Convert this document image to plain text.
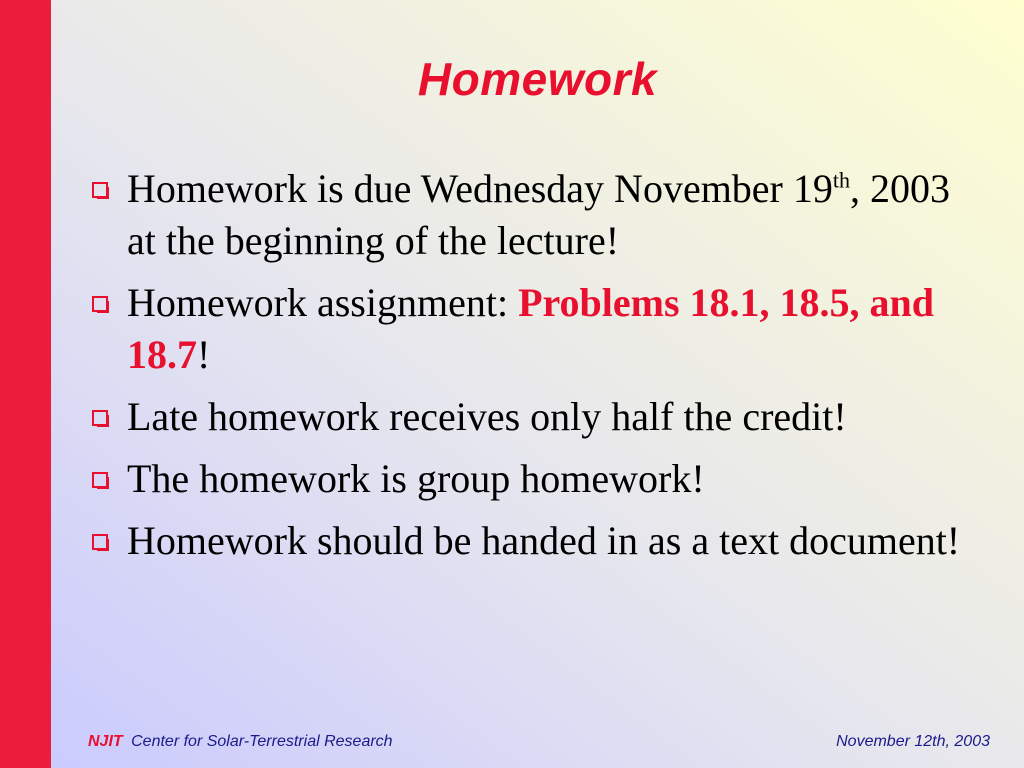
Homework
Homework is due Wednesday November 19th, 2003 at the beginning of the lecture!
Homework assignment: Problems 18.1, 18.5, and 18.7!
Late homework receives only half the credit!
The homework is group homework!
Homework should be handed in as a text document!
NJIT Center for Solar-Terrestrial Research	November 12th, 2003
